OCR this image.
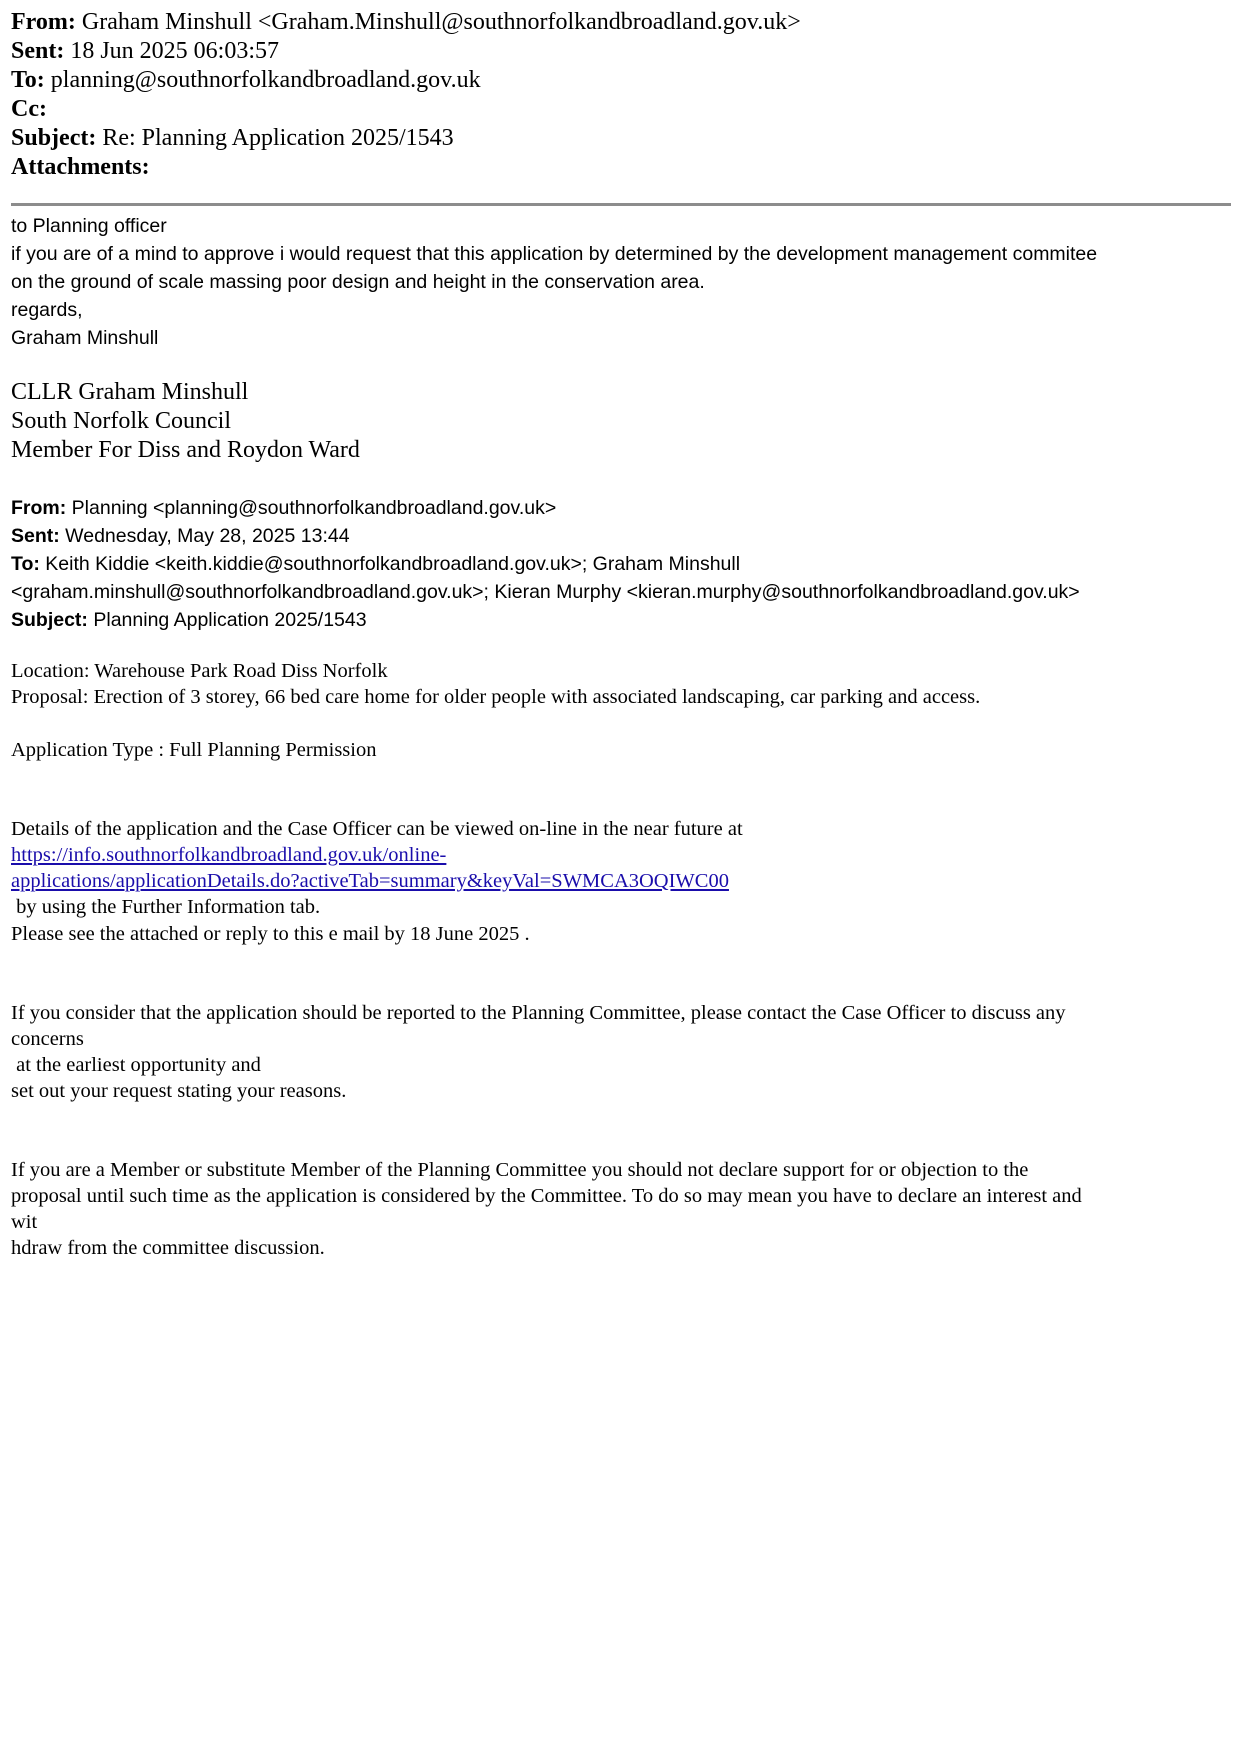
From: Graham Minshull <Graham.Minshull@southnorfolkandbroadland.gov.uk>
Sent: 18 Jun 2025 06:03:57
To: planning@southnorfolkandbroadland.gov.uk
Cc:
Subject: Re: Planning Application 2025/1543
Attachments:
to Planning officer
if you are of a mind to approve i would request that this application by determined by the development management commitee
on the ground of scale massing poor design and height in the conservation area.
regards,
Graham Minshull
CLLR Graham Minshull
South Norfolk Council
Member For Diss and Roydon Ward
From: Planning <planning@southnorfolkandbroadland.gov.uk>
Sent: Wednesday, May 28, 2025 13:44
To: Keith Kiddie <keith.kiddie@southnorfolkandbroadland.gov.uk>; Graham Minshull
<graham.minshull@southnorfolkandbroadland.gov.uk>; Kieran Murphy <kieran.murphy@southnorfolkandbroadland.gov.uk>
Subject: Planning Application 2025/1543
Location: Warehouse Park Road Diss Norfolk
Proposal: Erection of 3 storey, 66 bed care home for older people with associated landscaping, car parking and access.
Application Type : Full Planning Permission
Details of the application and the Case Officer can be viewed on-line in the near future at
https://info.southnorfolkandbroadland.gov.uk/online-
applications/applicationDetails.do?activeTab=summary&keyVal=SWMCA3OQIWC00
by using the Further Information tab.
Please see the attached or reply to this e mail by 18 June 2025 .
If you consider that the application should be reported to the Planning Committee, please contact the Case Officer to discuss any
concerns
at the earliest opportunity and
set out your request stating your reasons.
If you are a Member or substitute Member of the Planning Committee you should not declare support for or objection to the
proposal until such time as the application is considered by the Committee. To do so may mean you have to declare an interest and
wit
hdraw from the committee discussion.
